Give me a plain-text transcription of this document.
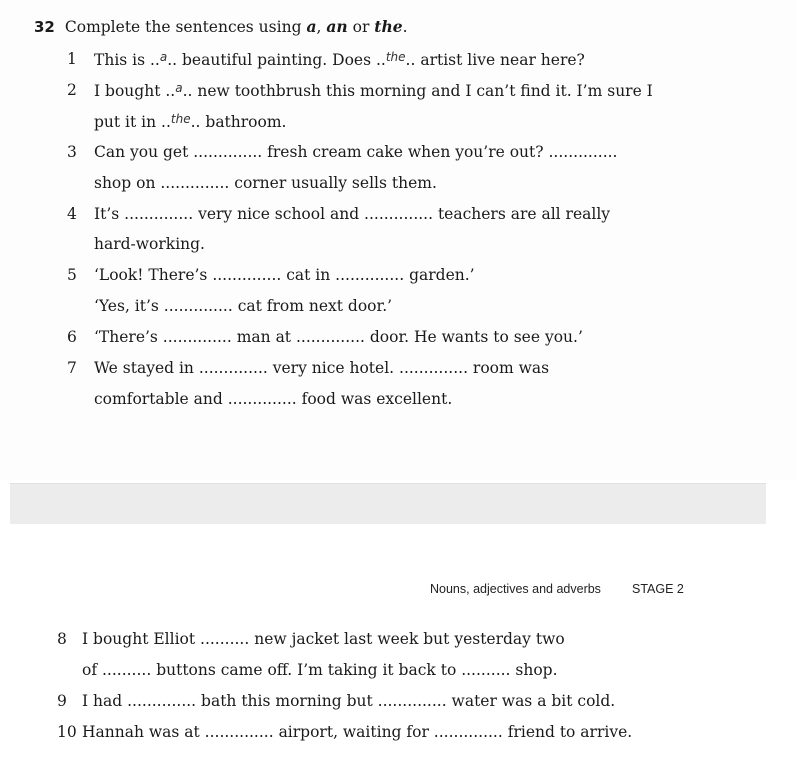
32 Complete the sentences using a, an or the.
1 This is ..$^a$.. beautiful painting. Does ..$^{the}$.. artist live near here?
2 I bought ..$^a$.. new toothbrush this morning and I can’t find it. I’m sure I
put it in ..$^{the}$.. bathroom.
3 Can you get .............. fresh cream cake when you’re out? ..............
shop on .............. corner usually sells them.
4 It’s .............. very nice school and .............. teachers are all really
hard-working.
5 ‘Look! There’s .............. cat in .............. garden.’
‘Yes, it’s .............. cat from next door.’
6 ‘There’s .............. man at .............. door. He wants to see you.’
7 We stayed in .............. very nice hotel. .............. room was
comfortable and .............. food was excellent.
Nouns, adjectives and adverbs STAGE 2
8 I bought Elliot .......... new jacket last week but yesterday two
of .......... buttons came off. I’m taking it back to .......... shop.
9 I had .............. bath this morning but .............. water was a bit cold.
10 Hannah was at .............. airport, waiting for .............. friend to arrive.
